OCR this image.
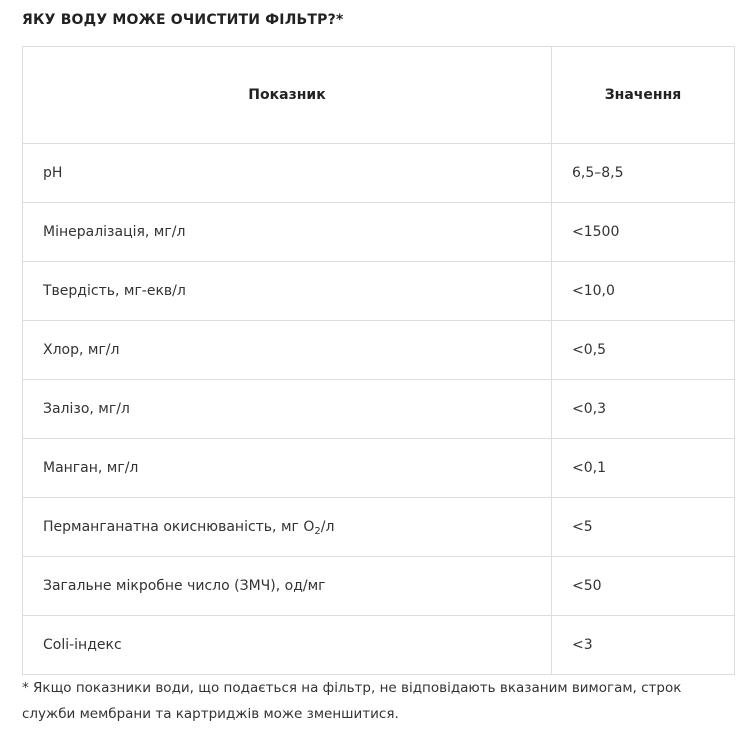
ЯКУ ВОДУ МОЖЕ ОЧИСТИТИ ФІЛЬТР?*
Показник	Значення
pH	6,5–8,5
Мінералізація, мг/л	<1500
Твердість, мг-екв/л	<10,0
Хлор, мг/л	<0,5
Залізо, мг/л	<0,3
Манган, мг/л	<0,1
Перманганатна окиснюваність, мг $О_2/л$	<5
Загальне мікробне число (ЗМЧ), од/мг	<50
Coli-індекс	<3
* Якщо показники води, що подається на фільтр, не відповідають вказаним вимогам, строк служби мембрани та картриджів може зменшитися.
